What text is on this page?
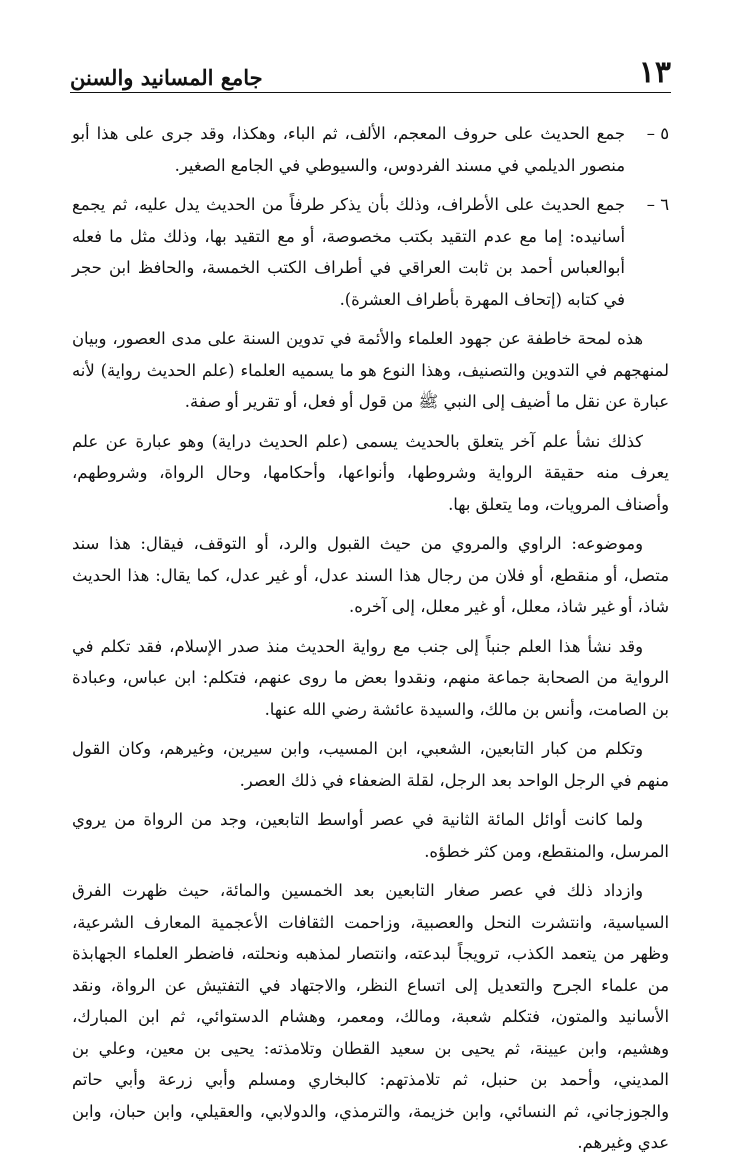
١٣
جامع المسانيد والسنن

٥ –
جمع الحديث على حروف المعجم، الألف، ثم الباء، وهكذا، وقد جرى على هذا أبو منصور الديلمي في مسند الفردوس، والسيوطي في الجامع الصغير.

٦ –
جمع الحديث على الأطراف، وذلك بأن يذكر طرفاً من الحديث يدل عليه، ثم يجمع أسانيده: إما مع عدم التقيد بكتب مخصوصة، أو مع التقيد بها، وذلك مثل ما فعله أبوالعباس أحمد بن ثابت العراقي في أطراف الكتب الخمسة، والحافظ ابن حجر في كتابه (إتحاف المهرة بأطراف العشرة).

هذه لمحة خاطفة عن جهود العلماء والأئمة في تدوين السنة على مدى العصور، وبيان لمنهجهم في التدوين والتصنيف، وهذا النوع هو ما يسميه العلماء (علم الحديث رواية) لأنه عبارة عن نقل ما أضيف إلى النبي ﷺ من قول أو فعل، أو تقرير أو صفة.

كذلك نشأ علم آخر يتعلق بالحديث يسمى (علم الحديث دراية) وهو عبارة عن علم يعرف منه حقيقة الرواية وشروطها، وأنواعها، وأحكامها، وحال الرواة، وشروطهم، وأصناف المرويات، وما يتعلق بها.

وموضوعه: الراوي والمروي من حيث القبول والرد، أو التوقف، فيقال: هذا سند متصل، أو منقطع، أو فلان من رجال هذا السند عدل، أو غير عدل، كما يقال: هذا الحديث شاذ، أو غير شاذ، معلل، أو غير معلل، إلى آخره.

وقد نشأ هذا العلم جنباً إلى جنب مع رواية الحديث منذ صدر الإسلام، فقد تكلم في الرواية من الصحابة جماعة منهم، ونقدوا بعض ما روى عنهم، فتكلم: ابن عباس، وعبادة بن الصامت، وأنس بن مالك، والسيدة عائشة رضي الله عنها.

وتكلم من كبار التابعين، الشعبي، ابن المسيب، وابن سيرين، وغيرهم، وكان القول منهم في الرجل الواحد بعد الرجل، لقلة الضعفاء في ذلك العصر.

ولما كانت أوائل المائة الثانية في عصر أواسط التابعين، وجد من الرواة من يروي المرسل، والمنقطع، ومن كثر خطؤه.

وازداد ذلك في عصر صغار التابعين بعد الخمسين والمائة، حيث ظهرت الفرق السياسية، وانتشرت النحل والعصبية، وزاحمت الثقافات الأعجمية المعارف الشرعية، وظهر من يتعمد الكذب، ترويجاً لبدعته، وانتصار لمذهبه ونحلته، فاضطر العلماء الجهابذة من علماء الجرح والتعديل إلى اتساع النظر، والاجتهاد في التفتيش عن الرواة، ونقد الأسانيد والمتون، فتكلم شعبة، ومالك، ومعمر، وهشام الدستوائي، ثم ابن المبارك، وهشيم، وابن عيينة، ثم يحيى بن سعيد القطان وتلامذته: يحيى بن معين، وعلي بن المديني، وأحمد بن حنبل، ثم تلامذتهم: كالبخاري ومسلم وأبي زرعة وأبي حاتم والجوزجاني، ثم النسائي، وابن خزيمة، والترمذي، والدولابي، والعقيلي، وابن حبان، وابن عدي وغيرهم.
